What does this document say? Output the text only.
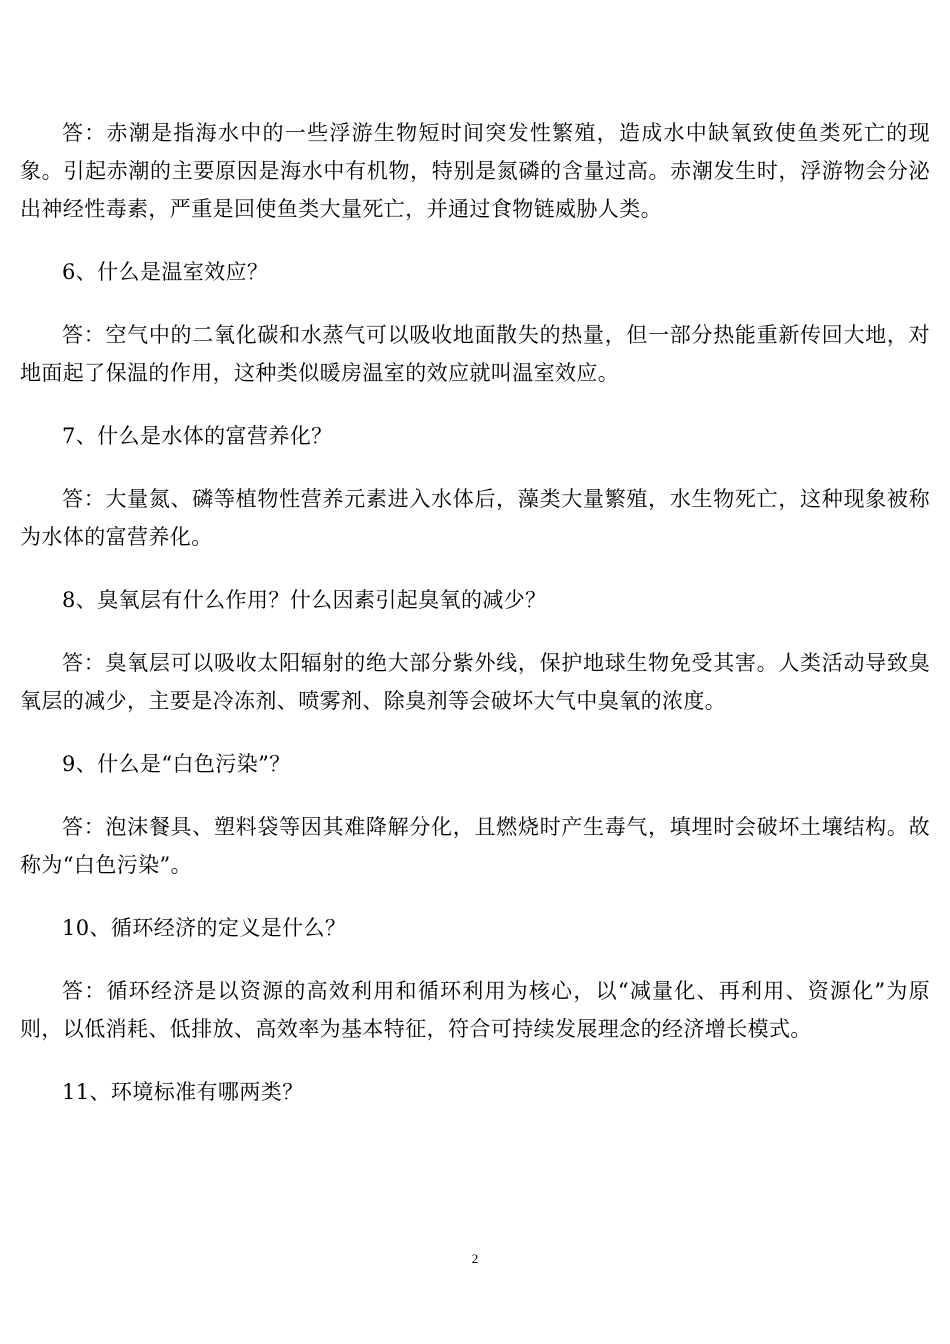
答：赤潮是指海水中的一些浮游生物短时间突发性繁殖，造成水中缺氧致使鱼类死亡的现象。引起赤潮的主要原因是海水中有机物，特别是氮磷的含量过高。赤潮发生时，浮游物会分泌出神经性毒素，严重是回使鱼类大量死亡，并通过食物链威胁人类。

6、什么是温室效应？

答：空气中的二氧化碳和水蒸气可以吸收地面散失的热量，但一部分热能重新传回大地，对地面起了保温的作用，这种类似暖房温室的效应就叫温室效应。

7、什么是水体的富营养化？

答：大量氮、磷等植物性营养元素进入水体后，藻类大量繁殖，水生物死亡，这种现象被称为水体的富营养化。

8、臭氧层有什么作用？什么因素引起臭氧的减少？

答：臭氧层可以吸收太阳辐射的绝大部分紫外线，保护地球生物免受其害。人类活动导致臭氧层的减少，主要是冷冻剂、喷雾剂、除臭剂等会破坏大气中臭氧的浓度。

9、什么是“白色污染”？

答：泡沫餐具、塑料袋等因其难降解分化，且燃烧时产生毒气，填埋时会破坏土壤结构。故称为“白色污染”。

10、循环经济的定义是什么？

答：循环经济是以资源的高效利用和循环利用为核心，以“减量化、再利用、资源化”为原则，以低消耗、低排放、高效率为基本特征，符合可持续发展理念的经济增长模式。

11、环境标准有哪两类？

2
